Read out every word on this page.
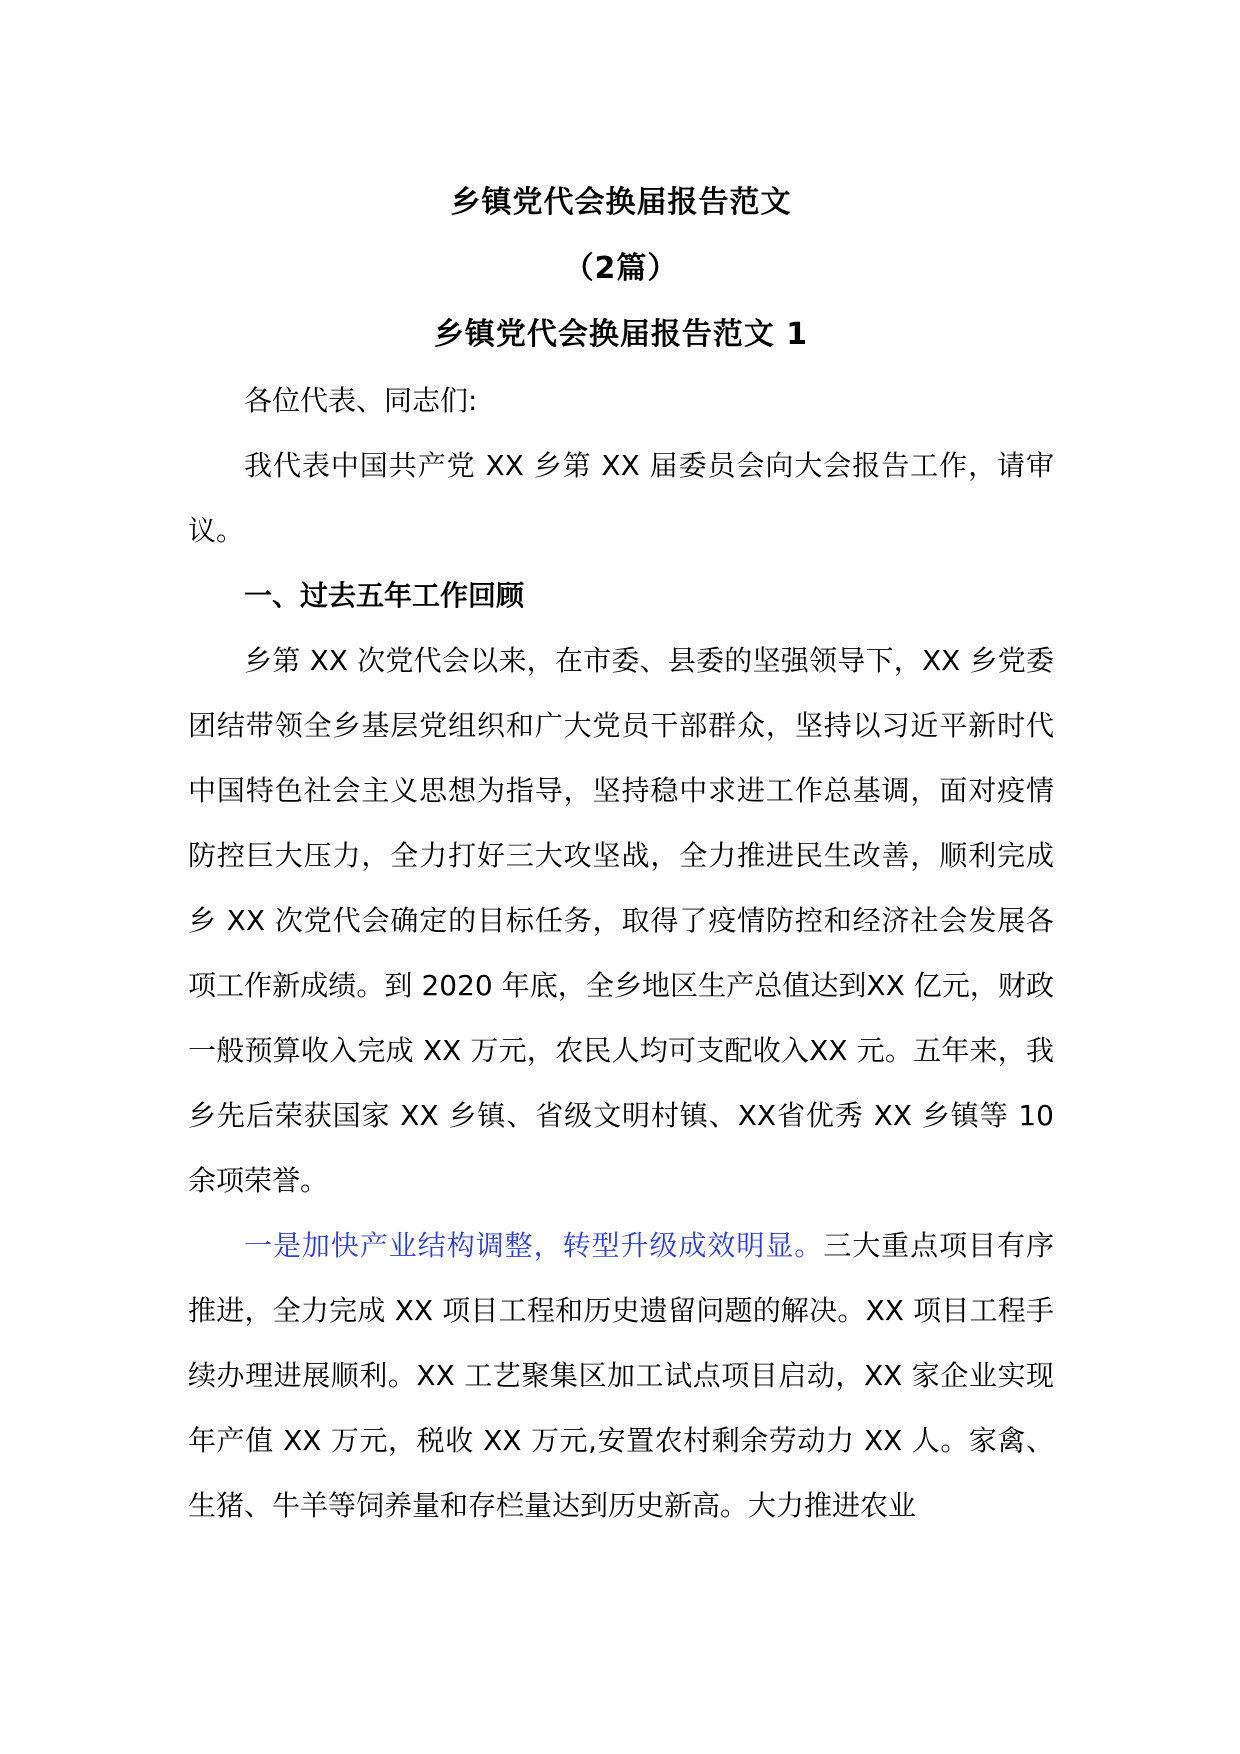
乡镇党代会换届报告范文

（2篇）

乡镇党代会换届报告范文 1

各位代表、同志们:

我代表中国共产党 XX 乡第 XX 届委员会向大会报告工作，请审议。

一、过去五年工作回顾

乡第 XX 次党代会以来，在市委、县委的坚强领导下，XX 乡党委团结带领全乡基层党组织和广大党员干部群众，坚持以习近平新时代中国特色社会主义思想为指导，坚持稳中求进工作总基调，面对疫情防控巨大压力，全力打好三大攻坚战，全力推进民生改善，顺利完成乡 XX 次党代会确定的目标任务，取得了疫情防控和经济社会发展各项工作新成绩。到 2020 年底，全乡地区生产总值达到XX 亿元，财政一般预算收入完成 XX 万元，农民人均可支配收入XX 元。五年来，我乡先后荣获国家 XX 乡镇、省级文明村镇、XX省优秀 XX 乡镇等 10 余项荣誉。

一是加快产业结构调整，转型升级成效明显。三大重点项目有序推进，全力完成 XX 项目工程和历史遗留问题的解决。XX 项目工程手续办理进展顺利。XX 工艺聚集区加工试点项目启动，XX 家企业实现年产值 XX 万元，税收 XX 万元,安置农村剩余劳动力 XX 人。家禽、生猪、牛羊等饲养量和存栏量达到历史新高。大力推进农业
